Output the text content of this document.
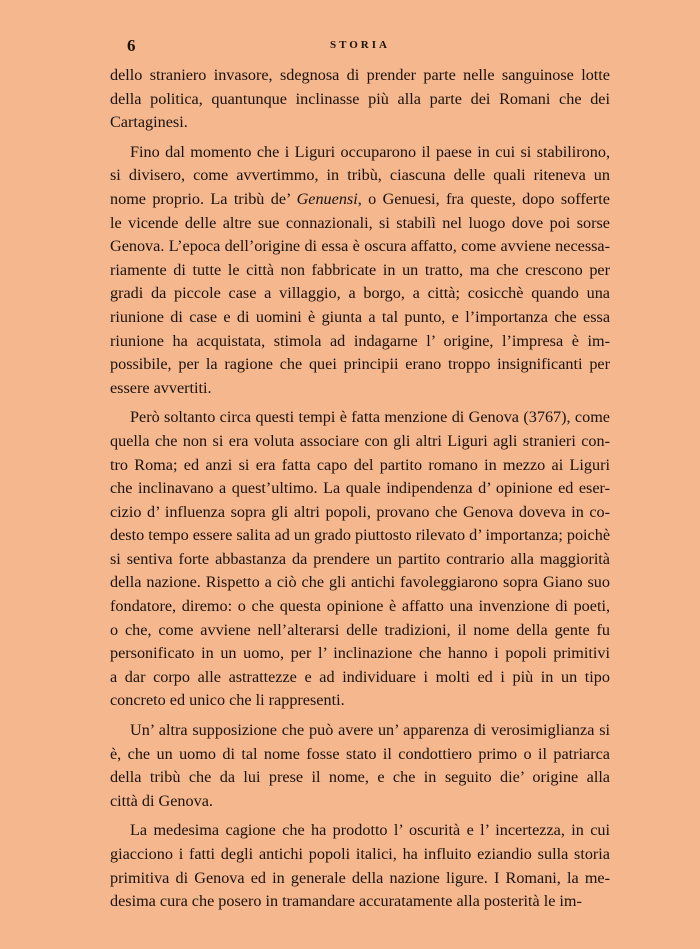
6	STORIA
dello straniero invasore, sdegnosa di prender parte nelle sanguinose lotte
della politica, quantunque inclinasse più alla parte dei Romani che dei
Cartaginesi.
Fino dal momento che i Liguri occuparono il paese in cui si stabilirono,
si divisero, come avvertimmo, in tribù, ciascuna delle quali riteneva un
nome proprio. La tribù de’ Genuensi, o Genuesi, fra queste, dopo sofferte
le vicende delle altre sue connazionali, si stabilì nel luogo dove poi sorse
Genova. L’epoca dell’origine di essa è oscura affatto, come avviene necessa-
riamente di tutte le città non fabbricate in un tratto, ma che crescono per
gradi da piccole case a villaggio, a borgo, a città; cosicchè quando una
riunione di case e di uomini è giunta a tal punto, e l’importanza che essa
riunione ha acquistata, stimola ad indagarne l’ origine, l’impresa è im-
possibile, per la ragione che quei principii erano troppo insignificanti per
essere avvertiti.
Però soltanto circa questi tempi è fatta menzione di Genova (3767), come
quella che non si era voluta associare con gli altri Liguri agli stranieri con-
tro Roma; ed anzi si era fatta capo del partito romano in mezzo ai Liguri
che inclinavano a quest’ultimo. La quale indipendenza d’ opinione ed eser-
cizio d’ influenza sopra gli altri popoli, provano che Genova doveva in co-
desto tempo essere salita ad un grado piuttosto rilevato d’ importanza; poichè
si sentiva forte abbastanza da prendere un partito contrario alla maggiorità
della nazione. Rispetto a ciò che gli antichi favoleggiarono sopra Giano suo
fondatore, diremo: o che questa opinione è affatto una invenzione di poeti,
o che, come avviene nell’alterarsi delle tradizioni, il nome della gente fu
personificato in un uomo, per l’ inclinazione che hanno i popoli primitivi
a dar corpo alle astrattezze e ad individuare i molti ed i più in un tipo
concreto ed unico che li rappresenti.
Un’ altra supposizione che può avere un’ apparenza di verosimiglianza si
è, che un uomo di tal nome fosse stato il condottiero primo o il patriarca
della tribù che da lui prese il nome, e che in seguito die’ origine alla
città di Genova.
La medesima cagione che ha prodotto l’ oscurità e l’ incertezza, in cui
giacciono i fatti degli antichi popoli italici, ha influito eziandio sulla storia
primitiva di Genova ed in generale della nazione ligure. I Romani, la me-
desima cura che posero in tramandare accuratamente alla posterità le im-
